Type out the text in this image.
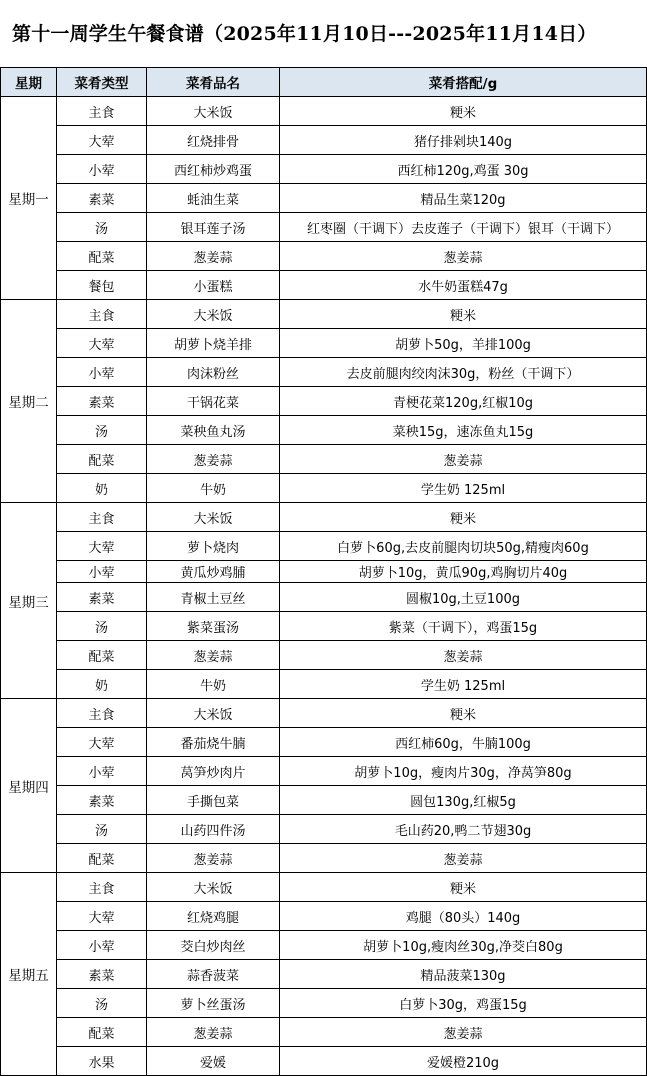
第十一周学生午餐食谱（2025年11月10日---2025年11月14日）
星期	菜肴类型	菜肴品名	菜肴搭配/g
星期一	主食	大米饭	粳米
	大荤	红烧排骨	猪仔排剁块140g
	小荤	西红柿炒鸡蛋	西红柿120g,鸡蛋 30g
	素菜	蚝油生菜	精品生菜120g
	汤	银耳莲子汤	红枣圈（干调下）去皮莲子（干调下）银耳（干调下）
	配菜	葱姜蒜	葱姜蒜
	餐包	小蛋糕	水牛奶蛋糕47g
星期二	主食	大米饭	粳米
	大荤	胡萝卜烧羊排	胡萝卜50g，羊排100g
	小荤	肉沫粉丝	去皮前腿肉绞肉沫30g，粉丝（干调下）
	素菜	干锅花菜	青梗花菜120g,红椒10g
	汤	菜秧鱼丸汤	菜秧15g，速冻鱼丸15g
	配菜	葱姜蒜	葱姜蒜
	奶	牛奶	学生奶 125ml
星期三	主食	大米饭	粳米
	大荤	萝卜烧肉	白萝卜60g,去皮前腿肉切块50g,精瘦肉60g
	小荤	黄瓜炒鸡脯	胡萝卜10g，黄瓜90g,鸡胸切片40g
	素菜	青椒土豆丝	圆椒10g,土豆100g
	汤	紫菜蛋汤	紫菜（干调下），鸡蛋15g
	配菜	葱姜蒜	葱姜蒜
	奶	牛奶	学生奶 125ml
星期四	主食	大米饭	粳米
	大荤	番茄烧牛腩	西红柿60g，牛腩100g
	小荤	莴笋炒肉片	胡萝卜10g，瘦肉片30g，净莴笋80g
	素菜	手撕包菜	圆包130g,红椒5g
	汤	山药四件汤	毛山药20,鸭二节翅30g
	配菜	葱姜蒜	葱姜蒜
星期五	主食	大米饭	粳米
	大荤	红烧鸡腿	鸡腿（80头）140g
	小荤	茭白炒肉丝	胡萝卜10g,瘦肉丝30g,净茭白80g
	素菜	蒜香菠菜	精品菠菜130g
	汤	萝卜丝蛋汤	白萝卜30g，鸡蛋15g
	配菜	葱姜蒜	葱姜蒜
	水果	爱媛	爱媛橙210g
